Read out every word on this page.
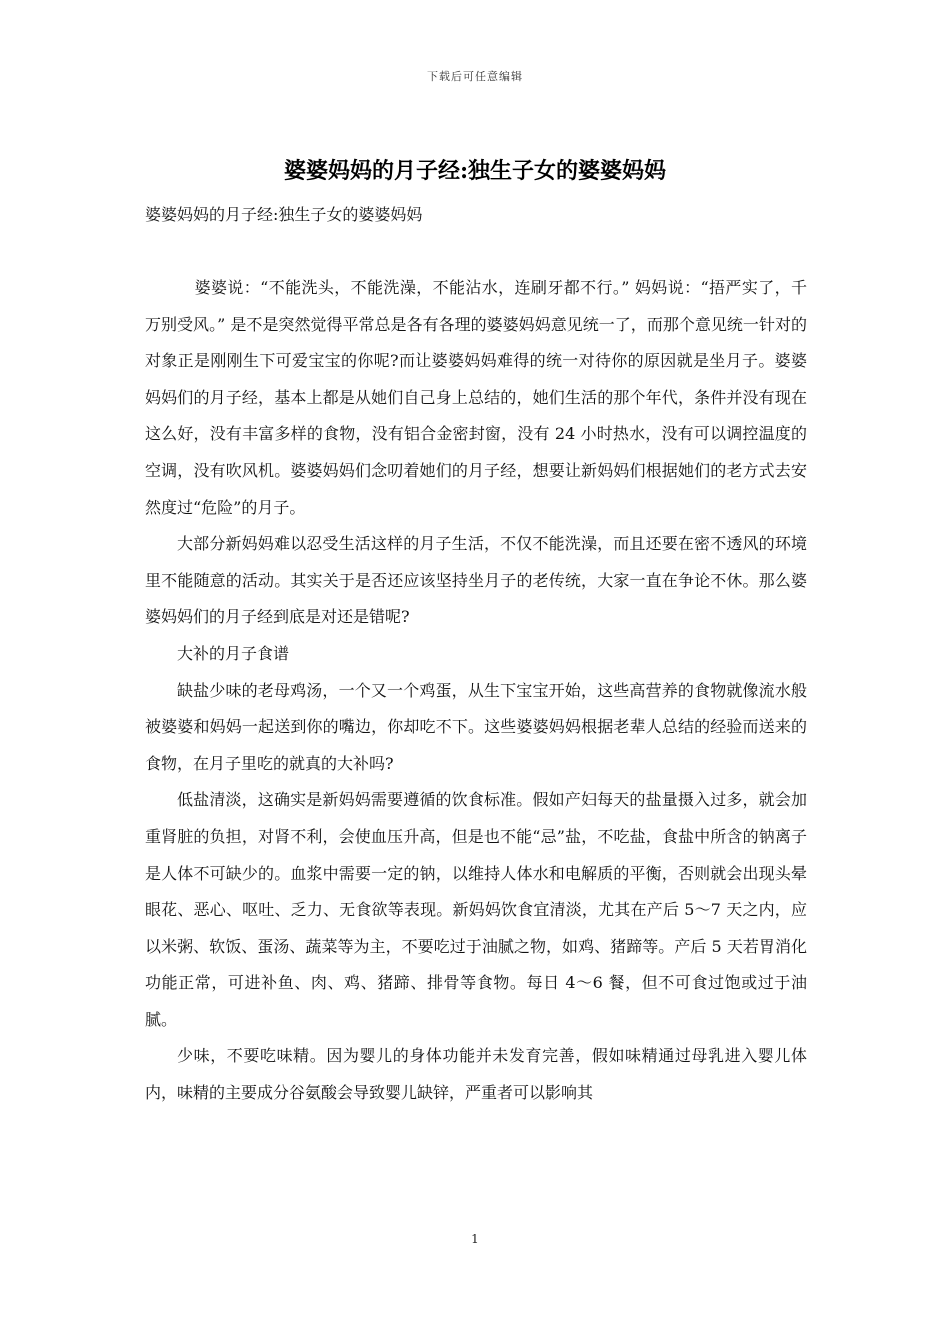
下载后可任意编辑
婆婆妈妈的月子经:独生子女的婆婆妈妈

婆婆妈妈的月子经:独生子女的婆婆妈妈

婆婆说：“不能洗头，不能洗澡，不能沾水，连刷牙都不行。” 妈妈说：“捂严实了，千万别受风。” 是不是突然觉得平常总是各有各理的婆婆妈妈意见统一了，而那个意见统一针对的对象正是刚刚生下可爱宝宝的你呢?而让婆婆妈妈难得的统一对待你的原因就是坐月子。婆婆妈妈们的月子经，基本上都是从她们自己身上总结的，她们生活的那个年代，条件并没有现在这么好，没有丰富多样的食物，没有铝合金密封窗，没有 24 小时热水，没有可以调控温度的空调，没有吹风机。婆婆妈妈们念叨着她们的月子经，想要让新妈妈们根据她们的老方式去安然度过“危险”的月子。

大部分新妈妈难以忍受生活这样的月子生活，不仅不能洗澡，而且还要在密不透风的环境里不能随意的活动。其实关于是否还应该坚持坐月子的老传统，大家一直在争论不休。那么婆婆妈妈们的月子经到底是对还是错呢?

大补的月子食谱

缺盐少味的老母鸡汤，一个又一个鸡蛋，从生下宝宝开始，这些高营养的食物就像流水般被婆婆和妈妈一起送到你的嘴边，你却吃不下。这些婆婆妈妈根据老辈人总结的经验而送来的食物，在月子里吃的就真的大补吗?

低盐清淡，这确实是新妈妈需要遵循的饮食标准。假如产妇每天的盐量摄入过多，就会加重肾脏的负担，对肾不利，会使血压升高，但是也不能“忌”盐，不吃盐，食盐中所含的钠离子是人体不可缺少的。血浆中需要一定的钠，以维持人体水和电解质的平衡，否则就会出现头晕眼花、恶心、呕吐、乏力、无食欲等表现。新妈妈饮食宜清淡，尤其在产后 5～7 天之内，应以米粥、软饭、蛋汤、蔬菜等为主，不要吃过于油腻之物，如鸡、猪蹄等。产后 5 天若胃消化功能正常，可进补鱼、肉、鸡、猪蹄、排骨等食物。每日 4～6 餐，但不可食过饱或过于油腻。

少味，不要吃味精。因为婴儿的身体功能并未发育完善，假如味精通过母乳进入婴儿体内，味精的主要成分谷氨酸会导致婴儿缺锌，严重者可以影响其

1
